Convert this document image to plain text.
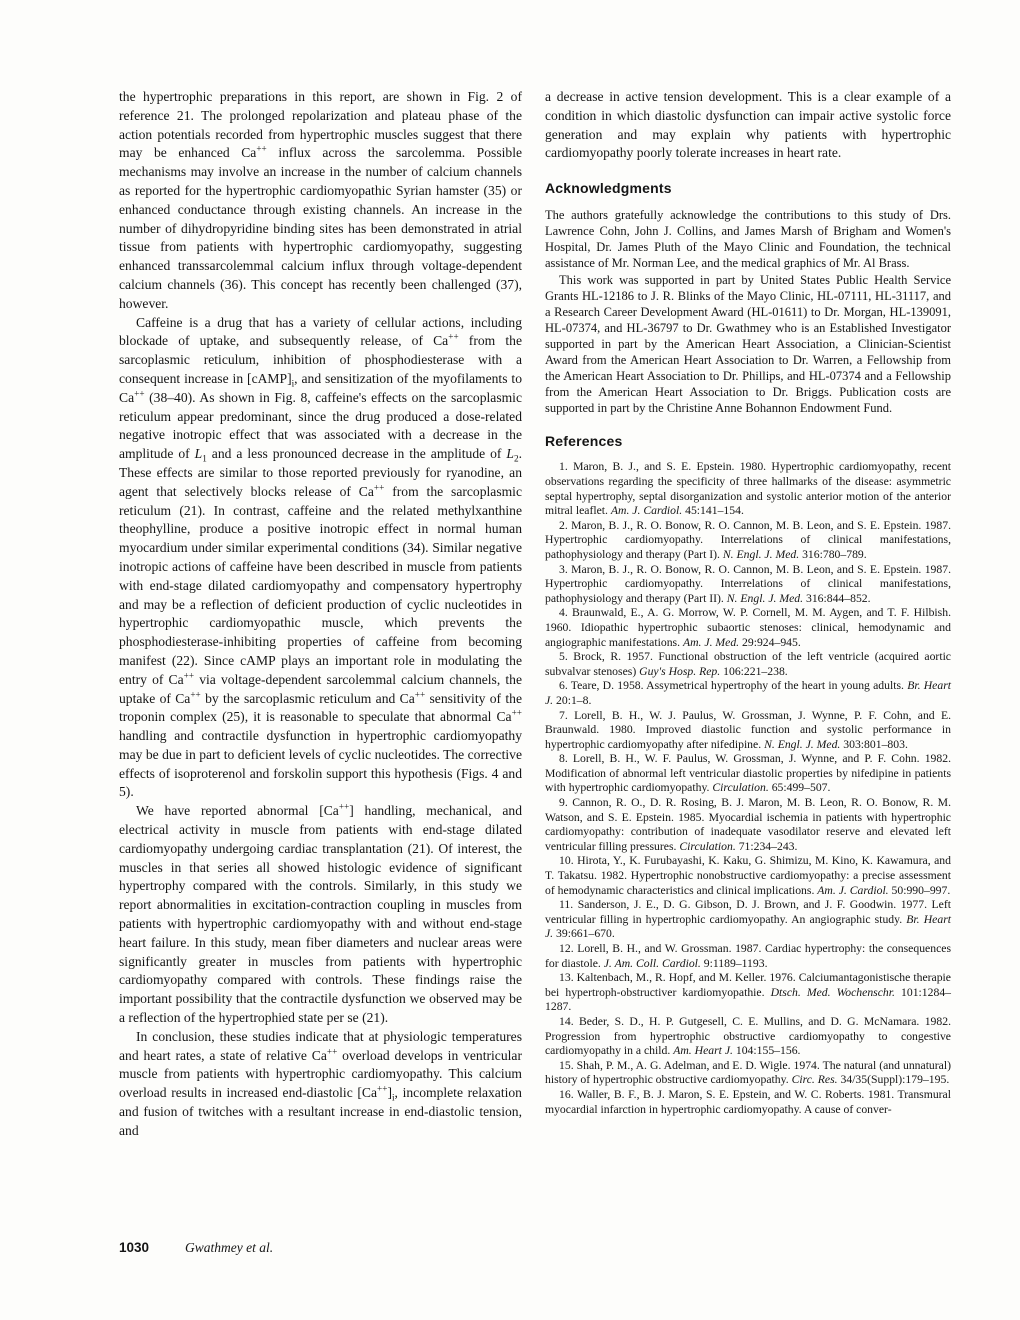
the hypertrophic preparations in this report, are shown in Fig. 2 of reference 21. The prolonged repolarization and plateau phase of the action potentials recorded from hypertrophic muscles suggest that there may be enhanced Ca++ influx across the sarcolemma. Possible mechanisms may involve an increase in the number of calcium channels as reported for the hypertrophic cardiomyopathic Syrian hamster (35) or enhanced conductance through existing channels. An increase in the number of dihydropyridine binding sites has been demonstrated in atrial tissue from patients with hypertrophic cardiomyopathy, suggesting enhanced transsarcolemmal calcium influx through voltage-dependent calcium channels (36). This concept has recently been challenged (37), however.

Caffeine is a drug that has a variety of cellular actions, including blockade of uptake, and subsequently release, of Ca++ from the sarcoplasmic reticulum, inhibition of phosphodiesterase with a consequent increase in $[cAMP]_i$, and sensitization of the myofilaments to Ca++ (38–40). As shown in Fig. 8, caffeine's effects on the sarcoplasmic reticulum appear predominant, since the drug produced a dose-related negative inotropic effect that was associated with a decrease in the amplitude of $L_1$ and a less pronounced decrease in the amplitude of $L_2$. These effects are similar to those reported previously for ryanodine, an agent that selectively blocks release of Ca++ from the sarcoplasmic reticulum (21). In contrast, caffeine and the related methylxanthine theophylline, produce a positive inotropic effect in normal human myocardium under similar experimental conditions (34). Similar negative inotropic actions of caffeine have been described in muscle from patients with end-stage dilated cardiomyopathy and compensatory hypertrophy and may be a reflection of deficient production of cyclic nucleotides in hypertrophic cardiomyopathic muscle, which prevents the phosphodiesterase-inhibiting properties of caffeine from becoming manifest (22). Since cAMP plays an important role in modulating the entry of Ca++ via voltage-dependent sarcolemmal calcium channels, the uptake of Ca++ by the sarcoplasmic reticulum and Ca++ sensitivity of the troponin complex (25), it is reasonable to speculate that abnormal Ca++ handling and contractile dysfunction in hypertrophic cardiomyopathy may be due in part to deficient levels of cyclic nucleotides. The corrective effects of isoproterenol and forskolin support this hypothesis (Figs. 4 and 5).

We have reported abnormal [Ca++] handling, mechanical, and electrical activity in muscle from patients with end-stage dilated cardiomyopathy undergoing cardiac transplantation (21). Of interest, the muscles in that series all showed histologic evidence of significant hypertrophy compared with the controls. Similarly, in this study we report abnormalities in excitation-contraction coupling in muscles from patients with hypertrophic cardiomyopathy with and without end-stage heart failure. In this study, mean fiber diameters and nuclear areas were significantly greater in muscles from patients with hypertrophic cardiomyopathy compared with controls. These findings raise the important possibility that the contractile dysfunction we observed may be a reflection of the hypertrophied state per se (21).

In conclusion, these studies indicate that at physiologic temperatures and heart rates, a state of relative Ca++ overload develops in ventricular muscle from patients with hypertrophic cardiomyopathy. This calcium overload results in increased end-diastolic $[Ca^{++}]_i$, incomplete relaxation and fusion of twitches with a resultant increase in end-diastolic tension, and

a decrease in active tension development. This is a clear example of a condition in which diastolic dysfunction can impair active systolic force generation and may explain why patients with hypertrophic cardiomyopathy poorly tolerate increases in heart rate.

Acknowledgments

The authors gratefully acknowledge the contributions to this study of Drs. Lawrence Cohn, John J. Collins, and James Marsh of Brigham and Women's Hospital, Dr. James Pluth of the Mayo Clinic and Foundation, the technical assistance of Mr. Norman Lee, and the medical graphics of Mr. Al Brass.

This work was supported in part by United States Public Health Service Grants HL-12186 to J. R. Blinks of the Mayo Clinic, HL-07111, HL-31117, and a Research Career Development Award (HL-01611) to Dr. Morgan, HL-139091, HL-07374, and HL-36797 to Dr. Gwathmey who is an Established Investigator supported in part by the American Heart Association, a Clinician-Scientist Award from the American Heart Association to Dr. Warren, a Fellowship from the American Heart Association to Dr. Phillips, and HL-07374 and a Fellowship from the American Heart Association to Dr. Briggs. Publication costs are supported in part by the Christine Anne Bohannon Endowment Fund.

References

1. Maron, B. J., and S. E. Epstein. 1980. Hypertrophic cardiomyopathy, recent observations regarding the specificity of three hallmarks of the disease: asymmetric septal hypertrophy, septal disorganization and systolic anterior motion of the anterior mitral leaflet. Am. J. Cardiol. 45:141–154.

2. Maron, B. J., R. O. Bonow, R. O. Cannon, M. B. Leon, and S. E. Epstein. 1987. Hypertrophic cardiomyopathy. Interrelations of clinical manifestations, pathophysiology and therapy (Part I). N. Engl. J. Med. 316:780–789.

3. Maron, B. J., R. O. Bonow, R. O. Cannon, M. B. Leon, and S. E. Epstein. 1987. Hypertrophic cardiomyopathy. Interrelations of clinical manifestations, pathophysiology and therapy (Part II). N. Engl. J. Med. 316:844–852.

4. Braunwald, E., A. G. Morrow, W. P. Cornell, M. M. Aygen, and T. F. Hilbish. 1960. Idiopathic hypertrophic subaortic stenoses: clinical, hemodynamic and angiographic manifestations. Am. J. Med. 29:924–945.

5. Brock, R. 1957. Functional obstruction of the left ventricle (acquired aortic subvalvar stenoses) Guy's Hosp. Rep. 106:221–238.

6. Teare, D. 1958. Assymetrical hypertrophy of the heart in young adults. Br. Heart J. 20:1–8.

7. Lorell, B. H., W. J. Paulus, W. Grossman, J. Wynne, P. F. Cohn, and E. Braunwald. 1980. Improved diastolic function and systolic performance in hypertrophic cardiomyopathy after nifedipine. N. Engl. J. Med. 303:801–803.

8. Lorell, B. H., W. F. Paulus, W. Grossman, J. Wynne, and P. F. Cohn. 1982. Modification of abnormal left ventricular diastolic properties by nifedipine in patients with hypertrophic cardiomyopathy. Circulation. 65:499–507.

9. Cannon, R. O., D. R. Rosing, B. J. Maron, M. B. Leon, R. O. Bonow, R. M. Watson, and S. E. Epstein. 1985. Myocardial ischemia in patients with hypertrophic cardiomyopathy: contribution of inadequate vasodilator reserve and elevated left ventricular filling pressures. Circulation. 71:234–243.

10. Hirota, Y., K. Furubayashi, K. Kaku, G. Shimizu, M. Kino, K. Kawamura, and T. Takatsu. 1982. Hypertrophic nonobstructive cardiomyopathy: a precise assessment of hemodynamic characteristics and clinical implications. Am. J. Cardiol. 50:990–997.

11. Sanderson, J. E., D. G. Gibson, D. J. Brown, and J. F. Goodwin. 1977. Left ventricular filling in hypertrophic cardiomyopathy. An angiographic study. Br. Heart J. 39:661–670.

12. Lorell, B. H., and W. Grossman. 1987. Cardiac hypertrophy: the consequences for diastole. J. Am. Coll. Cardiol. 9:1189–1193.

13. Kaltenbach, M., R. Hopf, and M. Keller. 1976. Calciumantagonistische therapie bei hypertroph-obstructiver kardiomyopathie. Dtsch. Med. Wochenschr. 101:1284–1287.

14. Beder, S. D., H. P. Gutgesell, C. E. Mullins, and D. G. McNamara. 1982. Progression from hypertrophic obstructive cardiomyopathy to congestive cardiomyopathy in a child. Am. Heart J. 104:155–156.

15. Shah, P. M., A. G. Adelman, and E. D. Wigle. 1974. The natural (and unnatural) history of hypertrophic obstructive cardiomyopathy. Circ. Res. 34/35(Suppl):179–195.

16. Waller, B. F., B. J. Maron, S. E. Epstein, and W. C. Roberts. 1981. Transmural myocardial infarction in hypertrophic cardiomyopathy. A cause of conver-

1030	Gwathmey et al.
